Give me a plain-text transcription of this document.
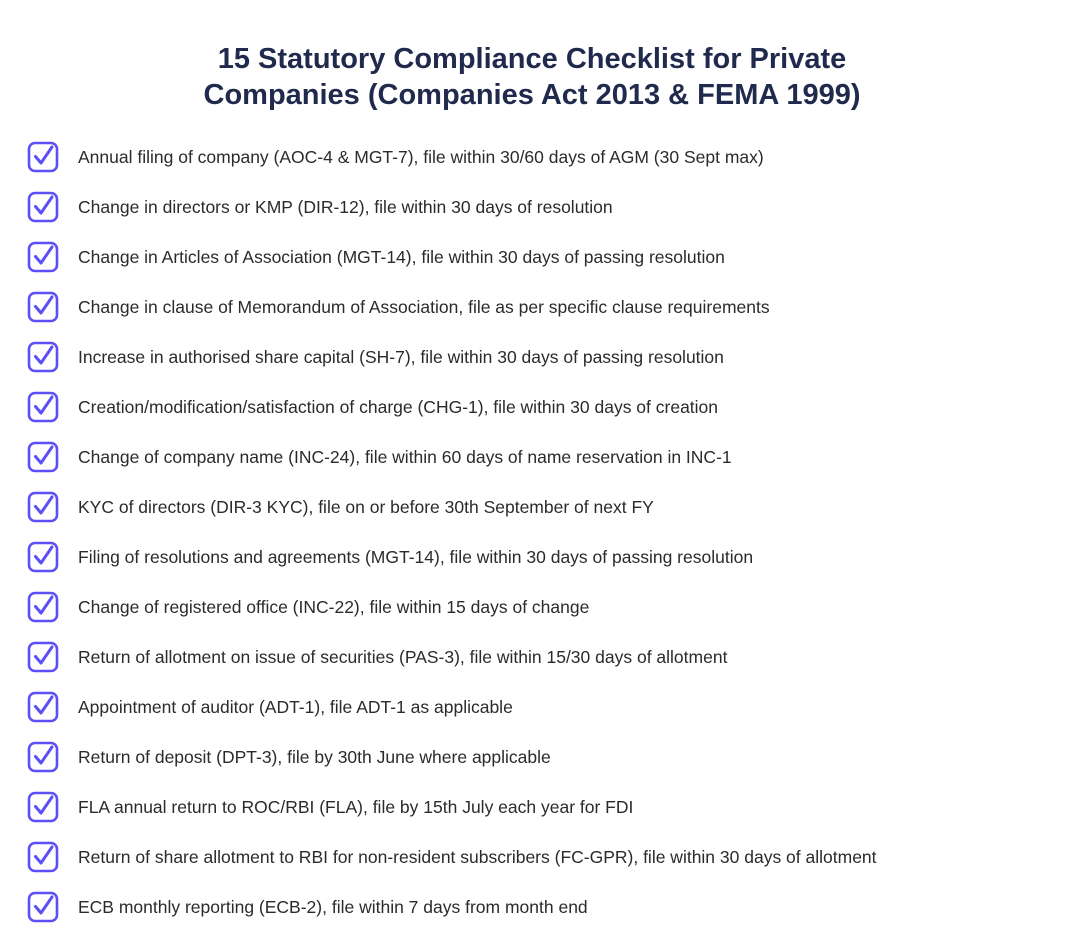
15 Statutory Compliance Checklist for Private
Companies (Companies Act 2013 & FEMA 1999)
Annual filing of company (AOC-4 & MGT-7), file within 30/60 days of AGM (30 Sept max)
Change in directors or KMP (DIR-12), file within 30 days of resolution
Change in Articles of Association (MGT-14), file within 30 days of passing resolution
Change in clause of Memorandum of Association, file as per specific clause requirements
Increase in authorised share capital (SH-7), file within 30 days of passing resolution
Creation/modification/satisfaction of charge (CHG-1), file within 30 days of creation
Change of company name (INC-24), file within 60 days of name reservation in INC-1
KYC of directors (DIR-3 KYC), file on or before 30th September of next FY
Filing of resolutions and agreements (MGT-14), file within 30 days of passing resolution
Change of registered office (INC-22), file within 15 days of change
Return of allotment on issue of securities (PAS-3), file within 15/30 days of allotment
Appointment of auditor (ADT-1), file ADT-1 as applicable
Return of deposit (DPT-3), file by 30th June where applicable
FLA annual return to ROC/RBI (FLA), file by 15th July each year for FDI
Return of share allotment to RBI for non-resident subscribers (FC-GPR), file within 30 days of allotment
ECB monthly reporting (ECB-2), file within 7 days from month end
